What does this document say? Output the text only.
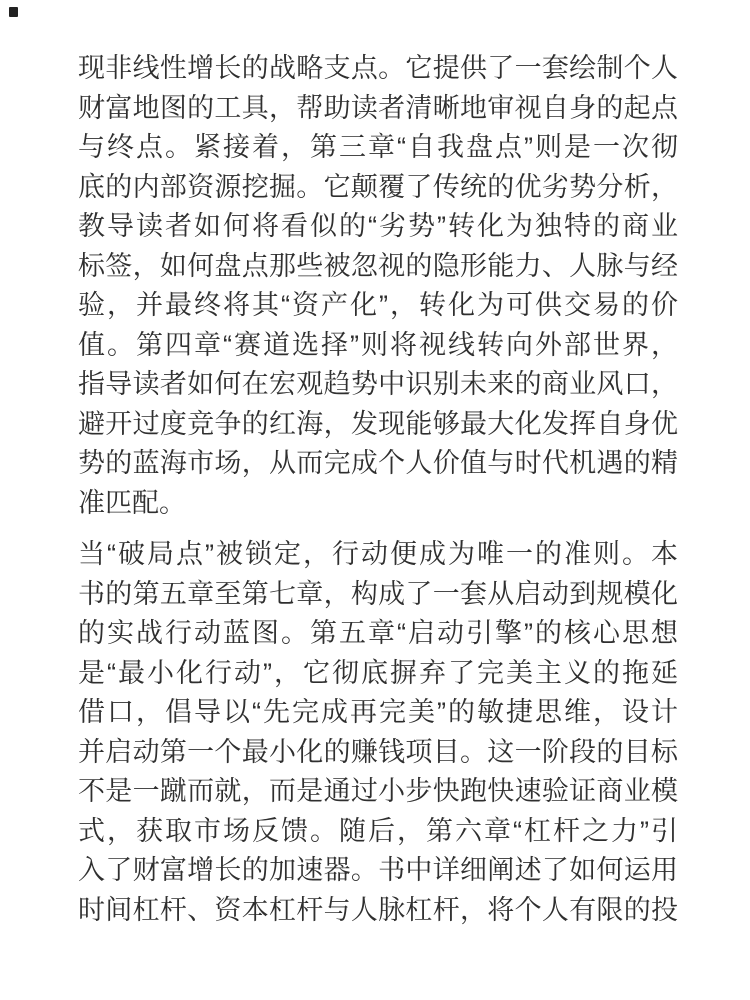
现非线性增长的战略支点。它提供了一套绘制个人
财富地图的工具，帮助读者清晰地审视自身的起点
与终点。紧接着，第三章“自我盘点”则是一次彻
底的内部资源挖掘。它颠覆了传统的优劣势分析，
教导读者如何将看似的“劣势”转化为独特的商业
标签，如何盘点那些被忽视的隐形能力、人脉与经
验，并最终将其“资产化”，转化为可供交易的价
值。第四章“赛道选择”则将视线转向外部世界，
指导读者如何在宏观趋势中识别未来的商业风口，
避开过度竞争的红海，发现能够最大化发挥自身优
势的蓝海市场，从而完成个人价值与时代机遇的精
准匹配。
当“破局点”被锁定，行动便成为唯一的准则。本
书的第五章至第七章，构成了一套从启动到规模化
的实战行动蓝图。第五章“启动引擎”的核心思想
是“最小化行动”，它彻底摒弃了完美主义的拖延
借口，倡导以“先完成再完美”的敏捷思维，设计
并启动第一个最小化的赚钱项目。这一阶段的目标
不是一蹴而就，而是通过小步快跑快速验证商业模
式，获取市场反馈。随后，第六章“杠杆之力”引
入了财富增长的加速器。书中详细阐述了如何运用
时间杠杆、资本杠杆与人脉杠杆，将个人有限的投
